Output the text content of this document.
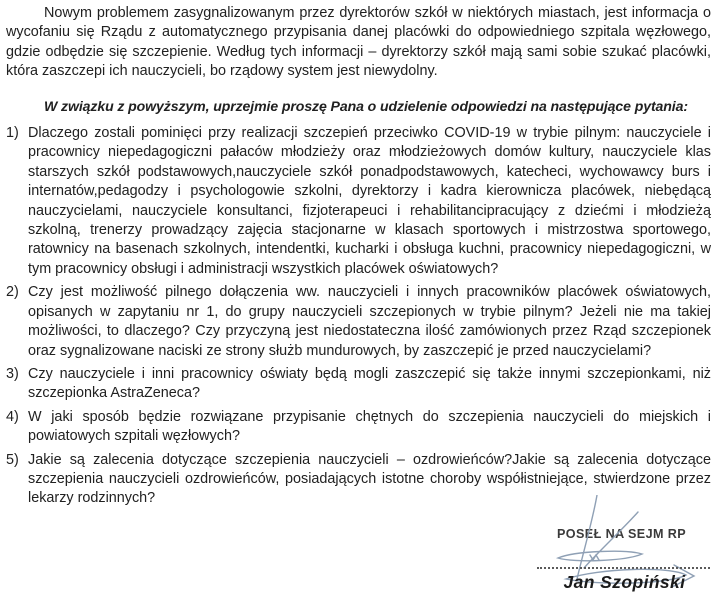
Nowym problemem zasygnalizowanym przez dyrektorów szkół w niektórych miastach, jest informacja o wycofaniu się Rządu z automatycznego przypisania danej placówki do odpowiedniego szpitala węzłowego, gdzie odbędzie się szczepienie. Według tych informacji – dyrektorzy szkół mają sami sobie szukać placówki, która zaszczepi ich nauczycieli, bo rządowy system jest niewydolny.

W związku z powyższym, uprzejmie proszę Pana o udzielenie odpowiedzi na następujące pytania:

1) Dlaczego zostali pominięci przy realizacji szczepień przeciwko COVID-19 w trybie pilnym: nauczyciele i pracownicy niepedagogiczni pałaców młodzieży oraz młodzieżowych domów kultury, nauczyciele klas starszych szkół podstawowych,nauczyciele szkół ponadpodstawowych, katecheci, wychowawcy burs i internatów,pedagodzy i psychologowie szkolni, dyrektorzy i kadra kierownicza placówek, niebędącą nauczycielami, nauczyciele konsultanci, fizjoterapeuci i rehabilitancipracujący z dziećmi i młodzieżą szkolną, trenerzy prowadzący zajęcia stacjonarne w klasach sportowych i mistrzostwa sportowego, ratownicy na basenach szkolnych, intendentki, kucharki i obsługa kuchni, pracownicy niepedagogiczni, w tym pracownicy obsługi i administracji wszystkich placówek oświatowych?
2) Czy jest możliwość pilnego dołączenia ww. nauczycieli i innych pracowników placówek oświatowych, opisanych w zapytaniu nr 1, do grupy nauczycieli szczepionych w trybie pilnym? Jeżeli nie ma takiej możliwości, to dlaczego? Czy przyczyną jest niedostateczna ilość zamówionych przez Rząd szczepionek oraz sygnalizowane naciski ze strony służb mundurowych, by zaszczepić je przed nauczycielami?
3) Czy nauczyciele i inni pracownicy oświaty będą mogli zaszczepić się także innymi szczepionkami, niż szczepionka AstraZeneca?
4) W jaki sposób będzie rozwiązane przypisanie chętnych do szczepienia nauczycieli do miejskich i powiatowych szpitali węzłowych?
5) Jakie są zalecenia dotyczące szczepienia nauczycieli – ozdrowieńców?Jakie są zalecenia dotyczące szczepienia nauczycieli ozdrowieńców, posiadających istotne choroby współistniejące, stwierdzone przez lekarzy rodzinnych?
POSEŁ NA SEJM RP
Jan Szopiński
